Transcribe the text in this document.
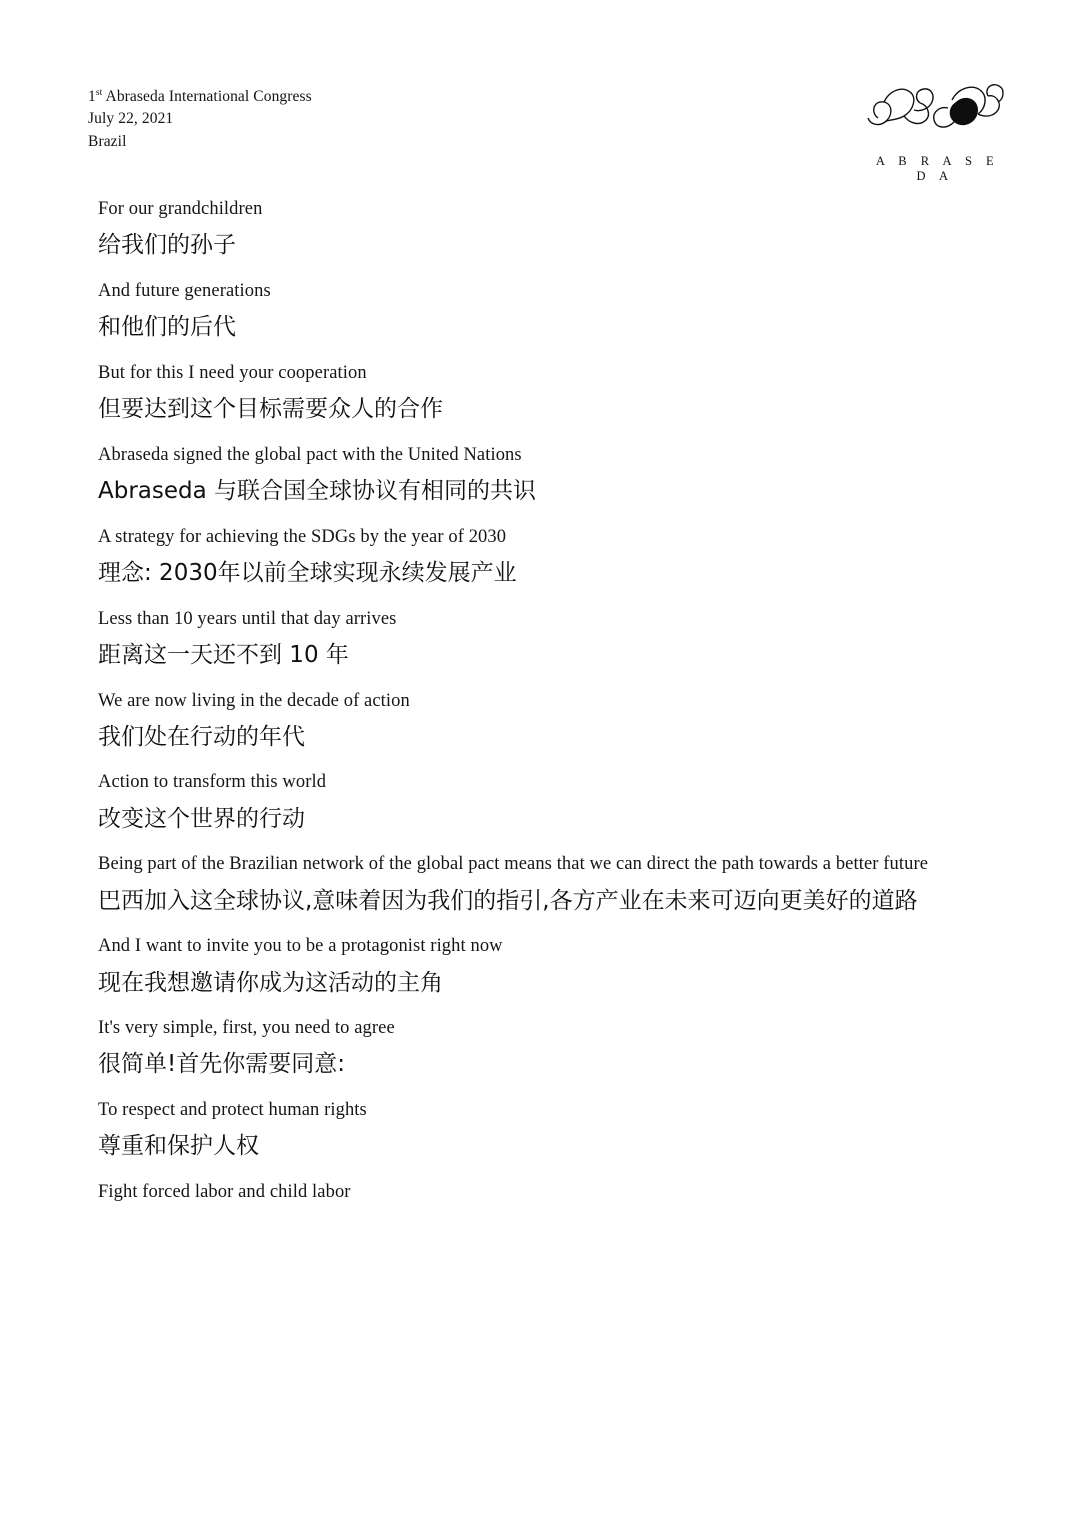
1st Abraseda International Congress
July 22, 2021
Brazil
A B R A S E D A

For our grandchildren

给我们的孙子

And future generations

和他们的后代

But for this I need your cooperation

但要达到这个目标需要众人的合作

Abraseda signed the global pact with the United Nations

Abraseda 与联合国全球协议有相同的共识

A strategy for achieving the SDGs by the year of 2030

理念: 2030年以前全球实现永续发展产业

Less than 10 years until that day arrives

距离这一天还不到 10 年

We are now living in the decade of action

我们处在行动的年代

Action to transform this world

改变这个世界的行动

Being part of the Brazilian network of the global pact means that we can direct the path towards a better future

巴西加入这全球协议,意味着因为我们的指引,各方产业在未来可迈向更美好的道路

And I want to invite you to be a protagonist right now

现在我想邀请你成为这活动的主角

It's very simple, first, you need to agree

很简单!首先你需要同意:

To respect and protect human rights

尊重和保护人权

Fight forced labor and child labor
